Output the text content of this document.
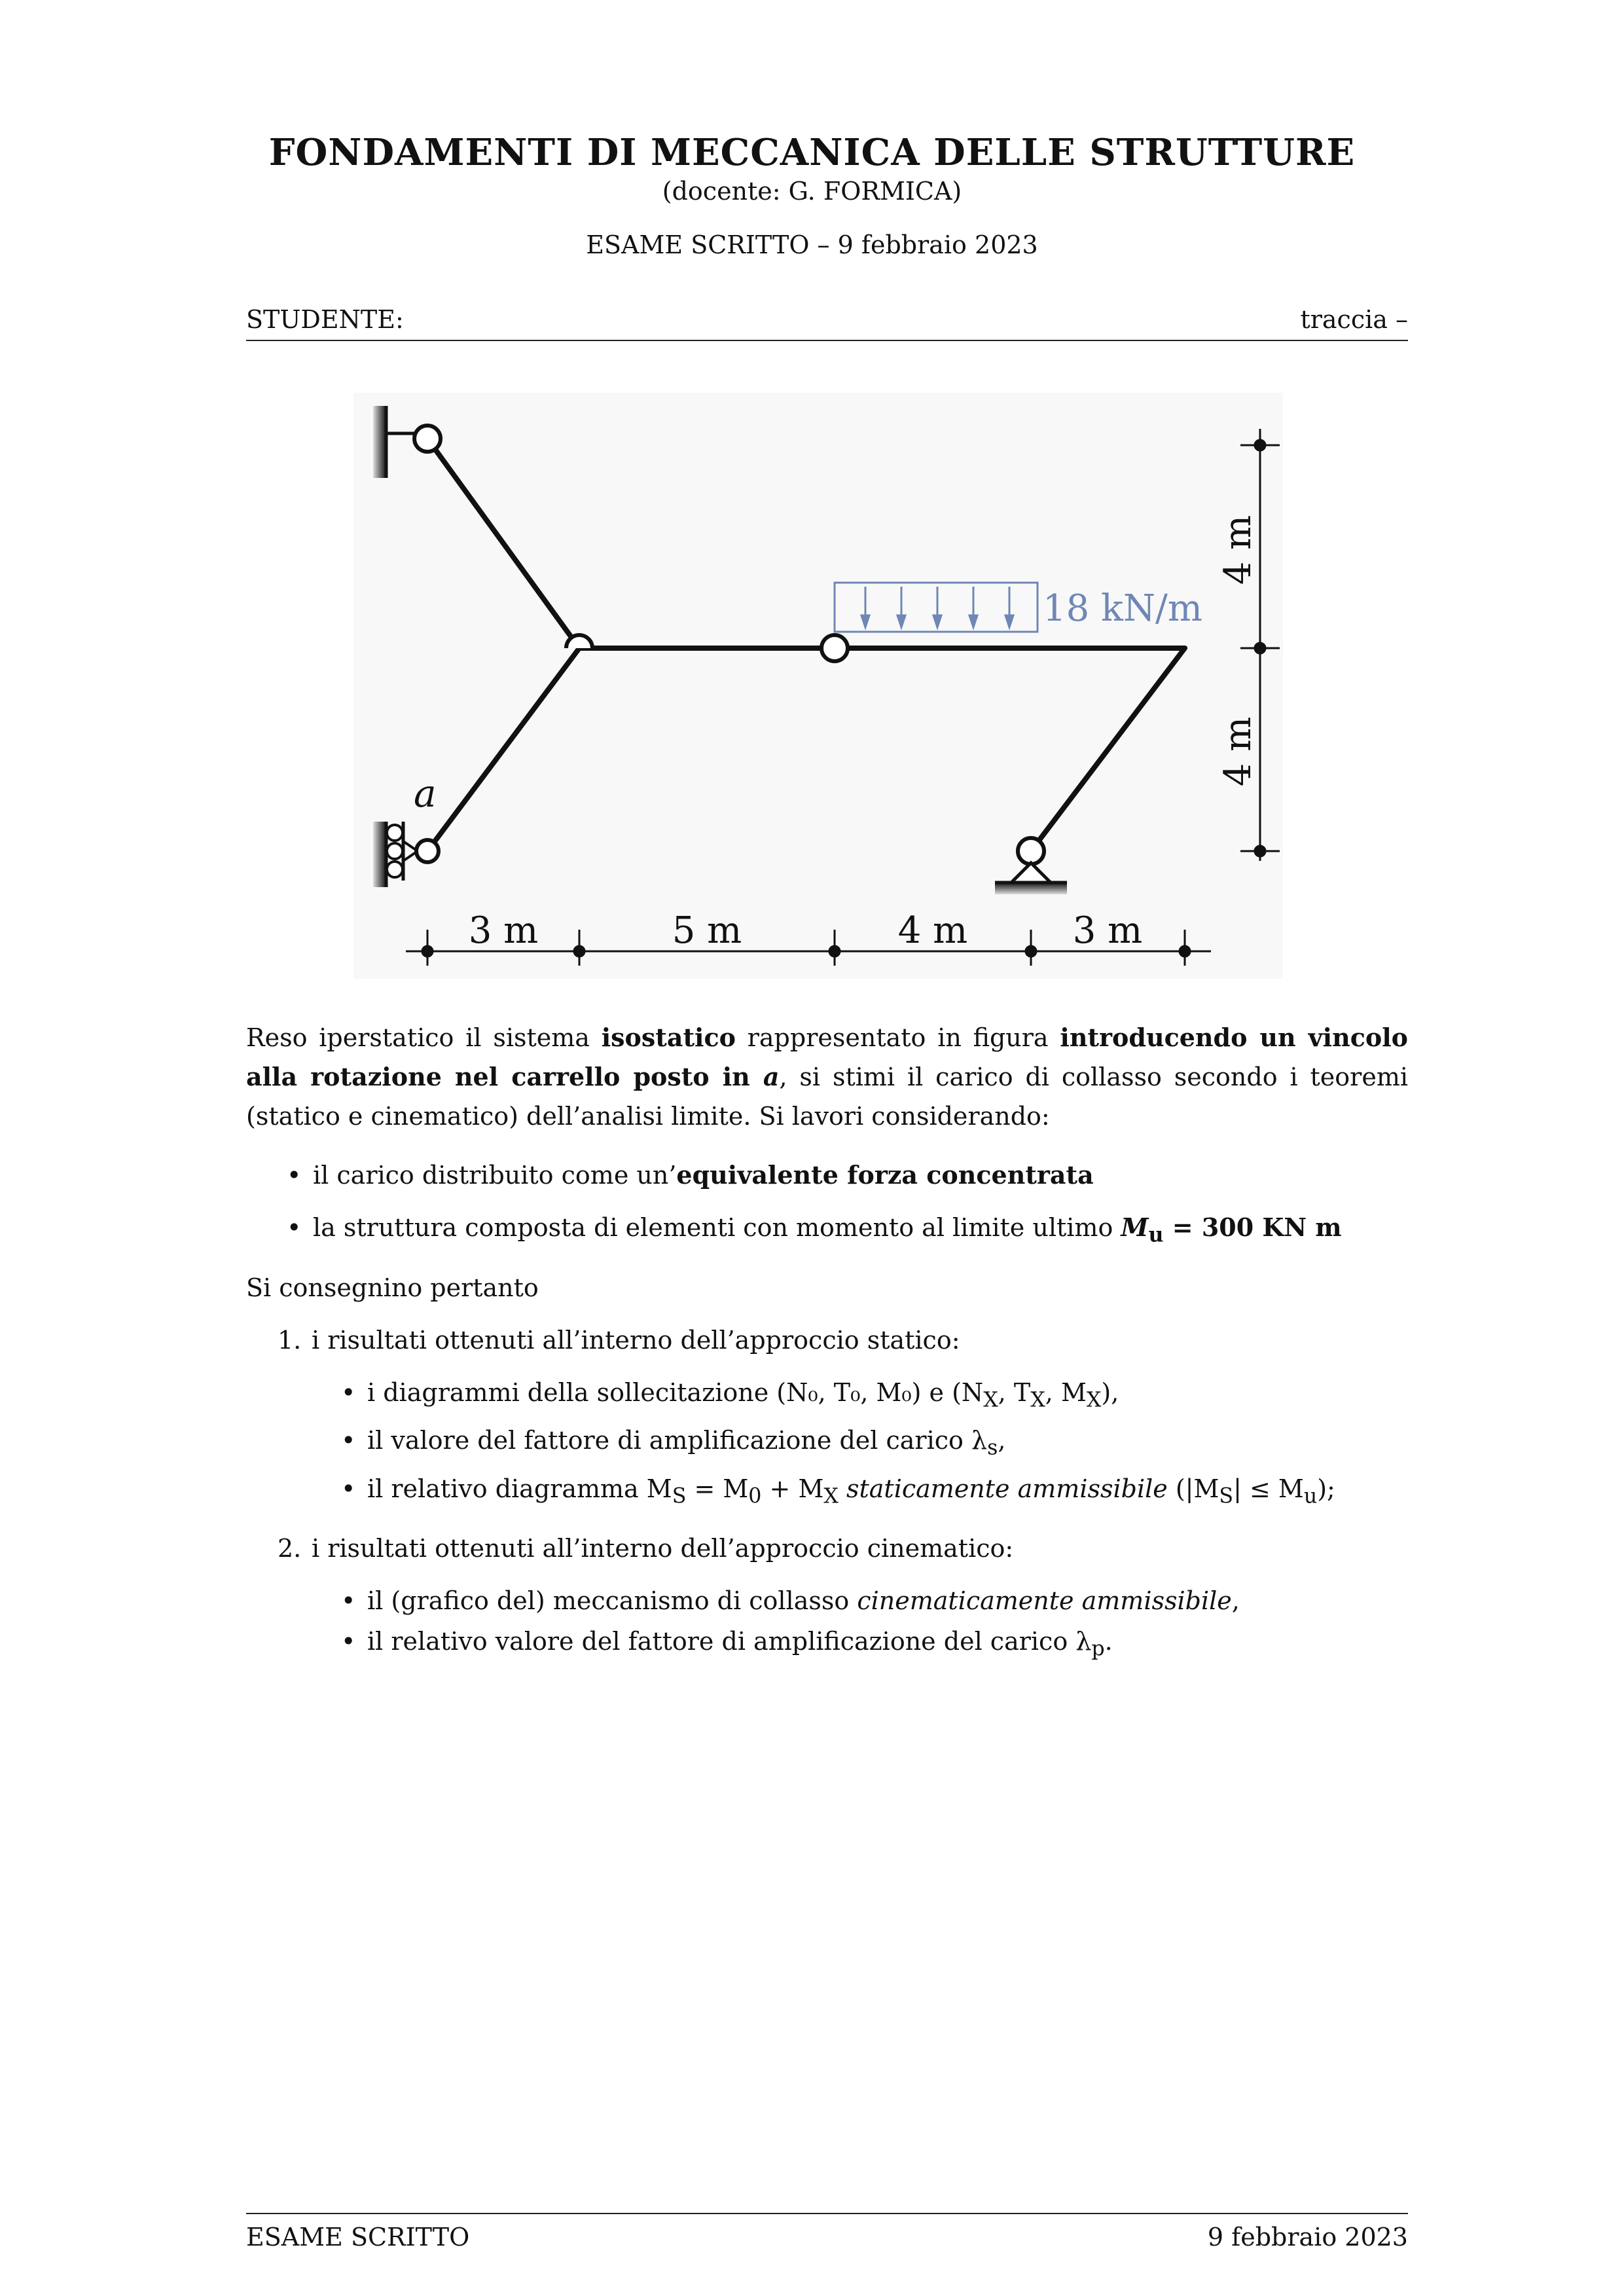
FONDAMENTI DI MECCANICA DELLE STRUTTURE
(docente: G. FORMICA)
ESAME SCRITTO – 9 febbraio 2023
STUDENTE:	traccia –
a
18 kN/m
4 m
4 m
3 m	5 m	4 m	3 m

Reso iperstatico il sistema isostatico rappresentato in figura introducendo un vincolo alla rotazione nel carrello posto in a, si stimi il carico di collasso secondo i teoremi (statico e cinematico) dell’analisi limite. Si lavori considerando:

• il carico distribuito come un’equivalente forza concentrata
• la struttura composta di elementi con momento al limite ultimo $M_u = 300$ KN m

Si consegnino pertanto

1. i risultati ottenuti all’interno dell’approccio statico:
• i diagrammi della sollecitazione (N₀, T₀, M₀) e ($N_X$, $T_X$, $M_X$),
• il valore del fattore di amplificazione del carico $\lambda_s$,
• il relativo diagramma $M_S = M_0 + M_X$ staticamente ammissibile $(|M_S| \le M_u)$;
2. i risultati ottenuti all’interno dell’approccio cinematico:
• il (grafico del) meccanismo di collasso cinematicamente ammissibile,
• il relativo valore del fattore di amplificazione del carico $\lambda_p$.
ESAME SCRITTO	9 febbraio 2023
